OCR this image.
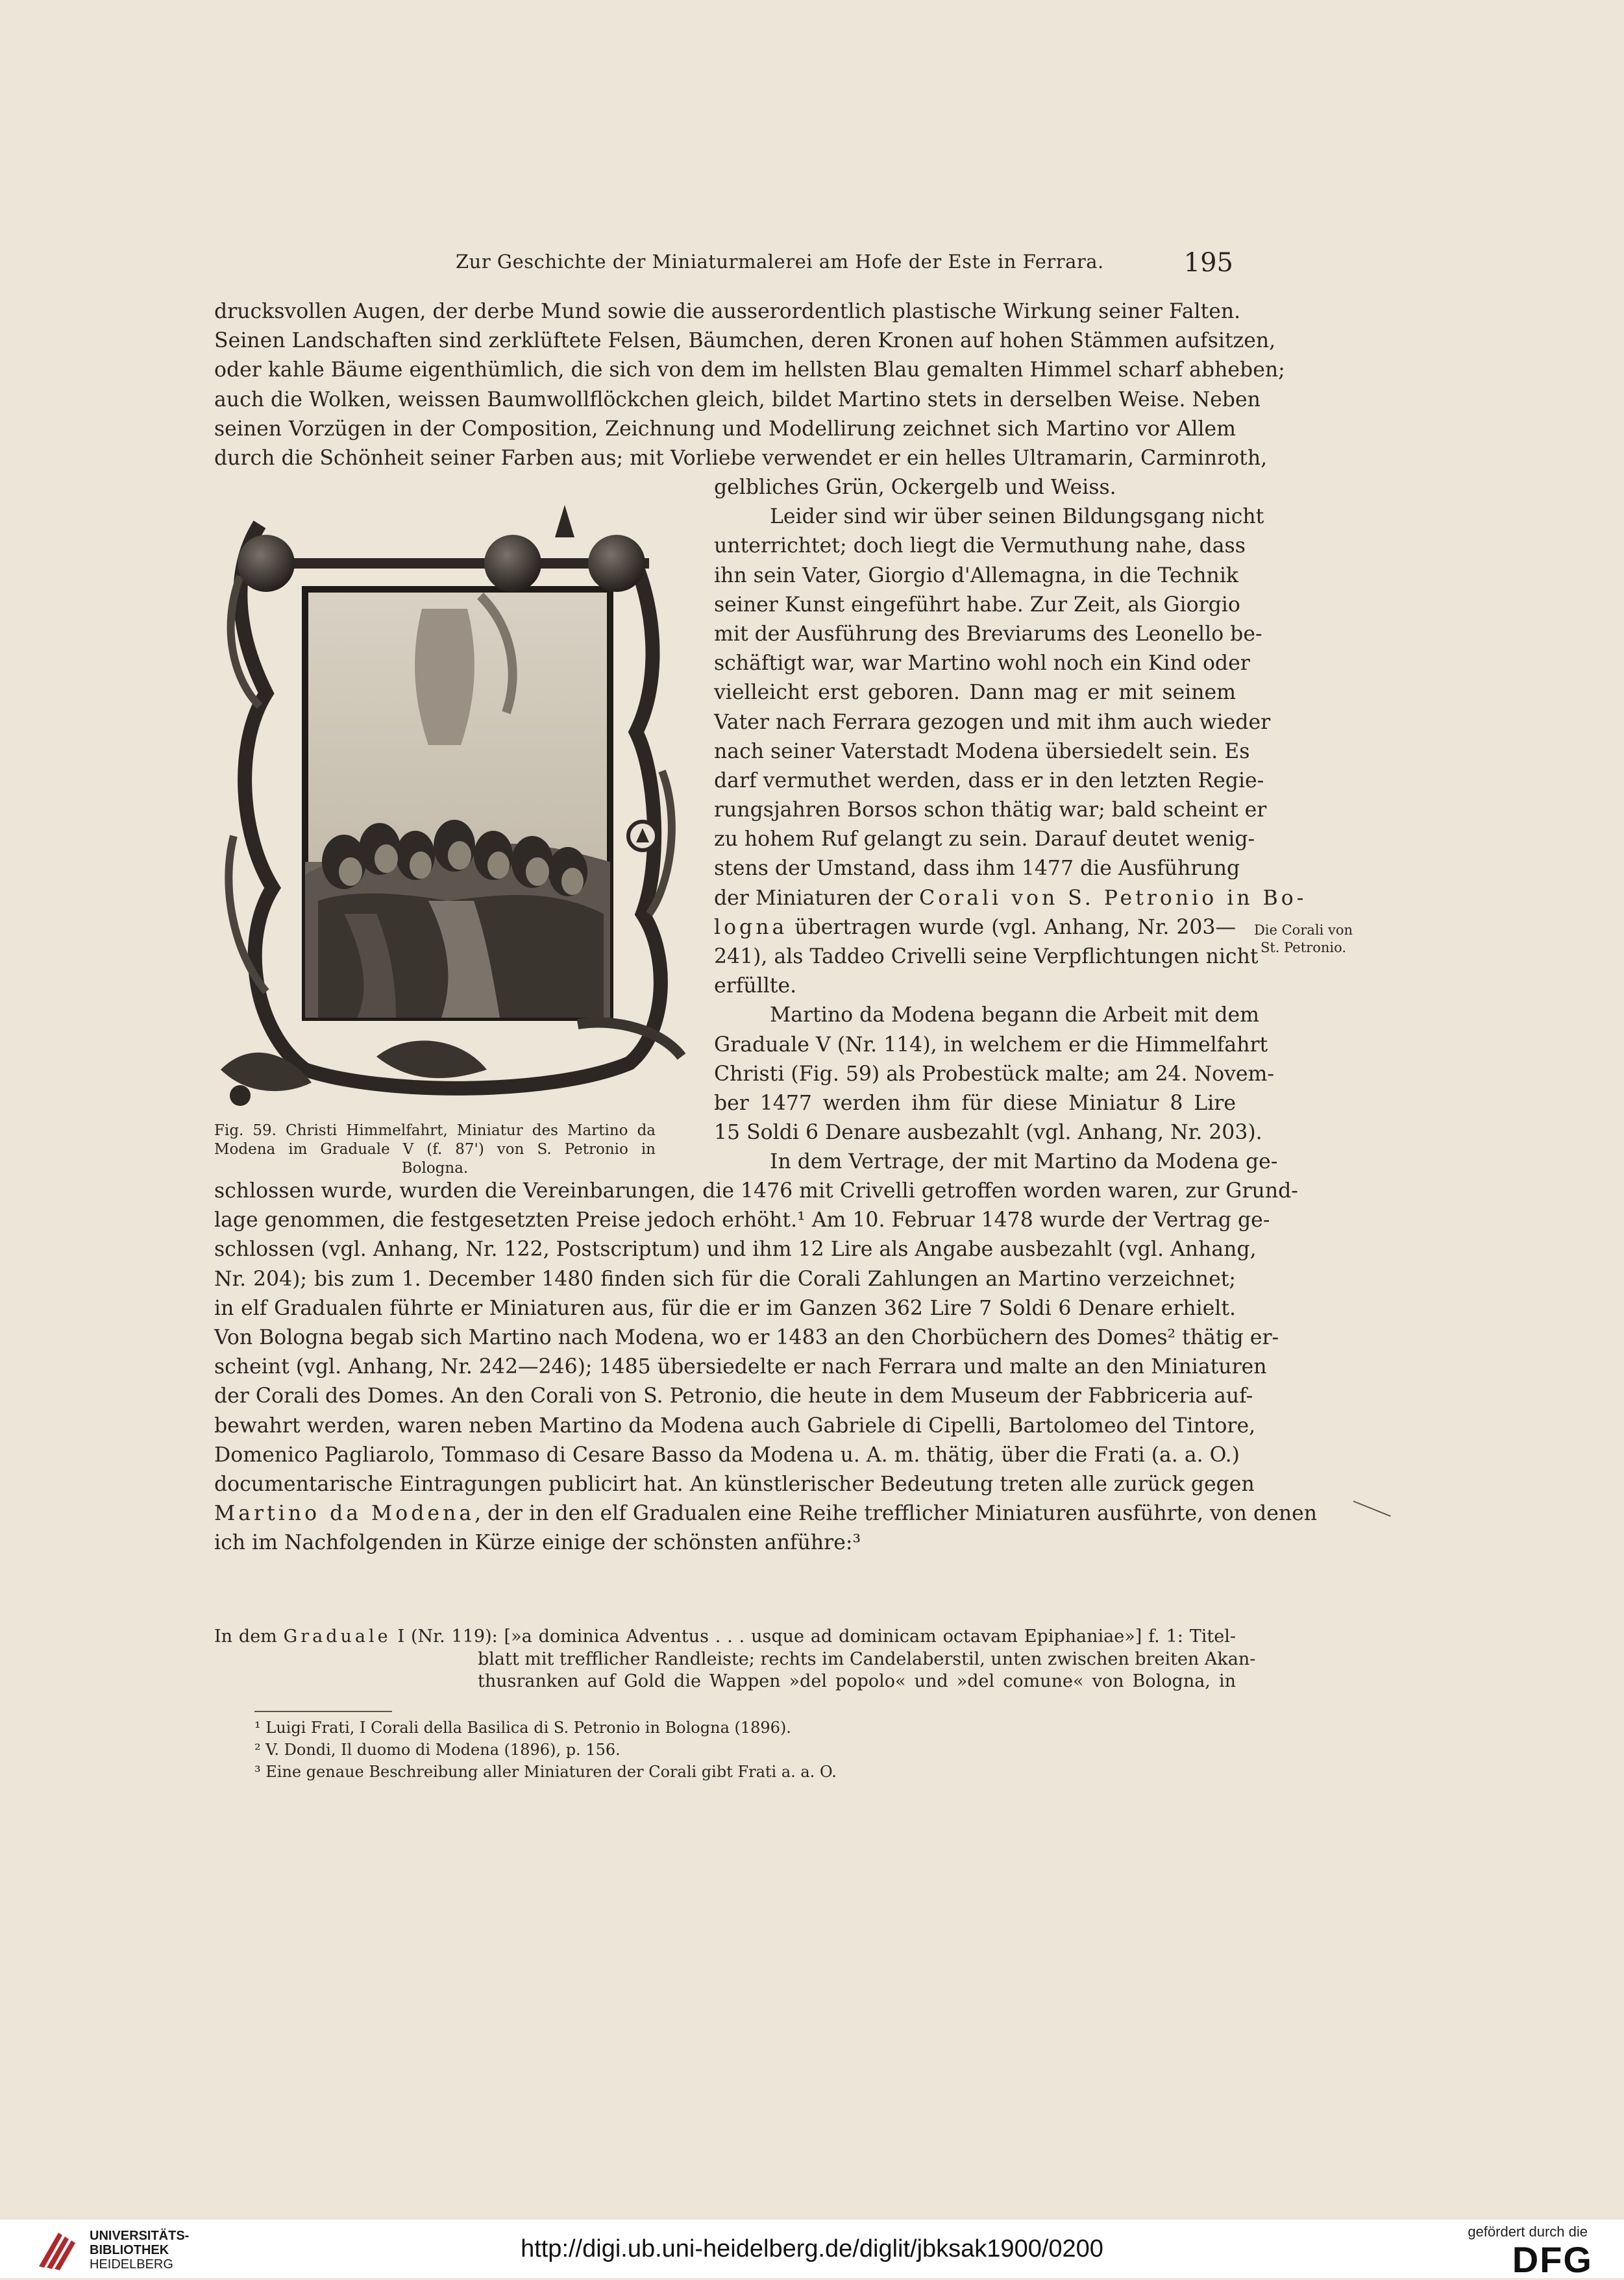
Zur Geschichte der Miniaturmalerei am Hofe der Este in Ferrara.	195
drucksvollen Augen, der derbe Mund sowie die ausserordentlich plastische Wirkung seiner Falten.
Seinen Landschaften sind zerklüftete Felsen, Bäumchen, deren Kronen auf hohen Stämmen aufsitzen,
oder kahle Bäume eigenthümlich, die sich von dem im hellsten Blau gemalten Himmel scharf abheben;
auch die Wolken, weissen Baumwollflöckchen gleich, bildet Martino stets in derselben Weise. Neben
seinen Vorzügen in der Composition, Zeichnung und Modellirung zeichnet sich Martino vor Allem
durch die Schönheit seiner Farben aus; mit Vorliebe verwendet er ein helles Ultramarin, Carminroth,
gelbliches Grün, Ockergelb und Weiss.
Leider sind wir über seinen Bildungsgang nicht
unterrichtet; doch liegt die Vermuthung nahe, dass
ihn sein Vater, Giorgio d'Allemagna, in die Technik
seiner Kunst eingeführt habe. Zur Zeit, als Giorgio
mit der Ausführung des Breviarums des Leonello be-
schäftigt war, war Martino wohl noch ein Kind oder
vielleicht erst geboren. Dann mag er mit seinem
Vater nach Ferrara gezogen und mit ihm auch wieder
nach seiner Vaterstadt Modena übersiedelt sein. Es
darf vermuthet werden, dass er in den letzten Regie-
rungsjahren Borsos schon thätig war; bald scheint er
zu hohem Ruf gelangt zu sein. Darauf deutet wenig-
stens der Umstand, dass ihm 1477 die Ausführung
der Miniaturen der Corali von S. Petronio in Bo-
logna übertragen wurde (vgl. Anhang, Nr. 203—
241), als Taddeo Crivelli seine Verpflichtungen nicht
erfüllte.
Martino da Modena begann die Arbeit mit dem
Graduale V (Nr. 114), in welchem er die Himmelfahrt
Christi (Fig. 59) als Probestück malte; am 24. Novem-
ber 1477 werden ihm für diese Miniatur 8 Lire
15 Soldi 6 Denare ausbezahlt (vgl. Anhang, Nr. 203).
In dem Vertrage, der mit Martino da Modena ge-
Fig. 59. Christi Himmelfahrt, Miniatur des Martino da
Modena im Graduale V (f. 87') von S. Petronio in
Bologna.
Die Corali von
St. Petronio.
schlossen wurde, wurden die Vereinbarungen, die 1476 mit Crivelli getroffen worden waren, zur Grund-
lage genommen, die festgesetzten Preise jedoch erhöht.¹ Am 10. Februar 1478 wurde der Vertrag ge-
schlossen (vgl. Anhang, Nr. 122, Postscriptum) und ihm 12 Lire als Angabe ausbezahlt (vgl. Anhang,
Nr. 204); bis zum 1. December 1480 finden sich für die Corali Zahlungen an Martino verzeichnet;
in elf Gradualen führte er Miniaturen aus, für die er im Ganzen 362 Lire 7 Soldi 6 Denare erhielt.
Von Bologna begab sich Martino nach Modena, wo er 1483 an den Chorbüchern des Domes² thätig er-
scheint (vgl. Anhang, Nr. 242—246); 1485 übersiedelte er nach Ferrara und malte an den Miniaturen
der Corali des Domes. An den Corali von S. Petronio, die heute in dem Museum der Fabbriceria auf-
bewahrt werden, waren neben Martino da Modena auch Gabriele di Cipelli, Bartolomeo del Tintore,
Domenico Pagliarolo, Tommaso di Cesare Basso da Modena u. A. m. thätig, über die Frati (a. a. O.)
documentarische Eintragungen publicirt hat. An künstlerischer Bedeutung treten alle zurück gegen
Martino da Modena, der in den elf Gradualen eine Reihe trefflicher Miniaturen ausführte, von denen
ich im Nachfolgenden in Kürze einige der schönsten anführe:³
In dem Graduale I (Nr. 119): [»a dominica Adventus . . . usque ad dominicam octavam Epiphaniae»] f. 1: Titel-
blatt mit trefflicher Randleiste; rechts im Candelaberstil, unten zwischen breiten Akan-
thusranken auf Gold die Wappen »del popolo« und »del comune« von Bologna, in
¹ Luigi Frati, I Corali della Basilica di S. Petronio in Bologna (1896).
² V. Dondi, Il duomo di Modena (1896), p. 156.
³ Eine genaue Beschreibung aller Miniaturen der Corali gibt Frati a. a. O.
UNIVERSITÄTS-
BIBLIOTHEK
HEIDELBERG
http://digi.ub.uni-heidelberg.de/diglit/jbksak1900/0200
gefördert durch die
DFG
